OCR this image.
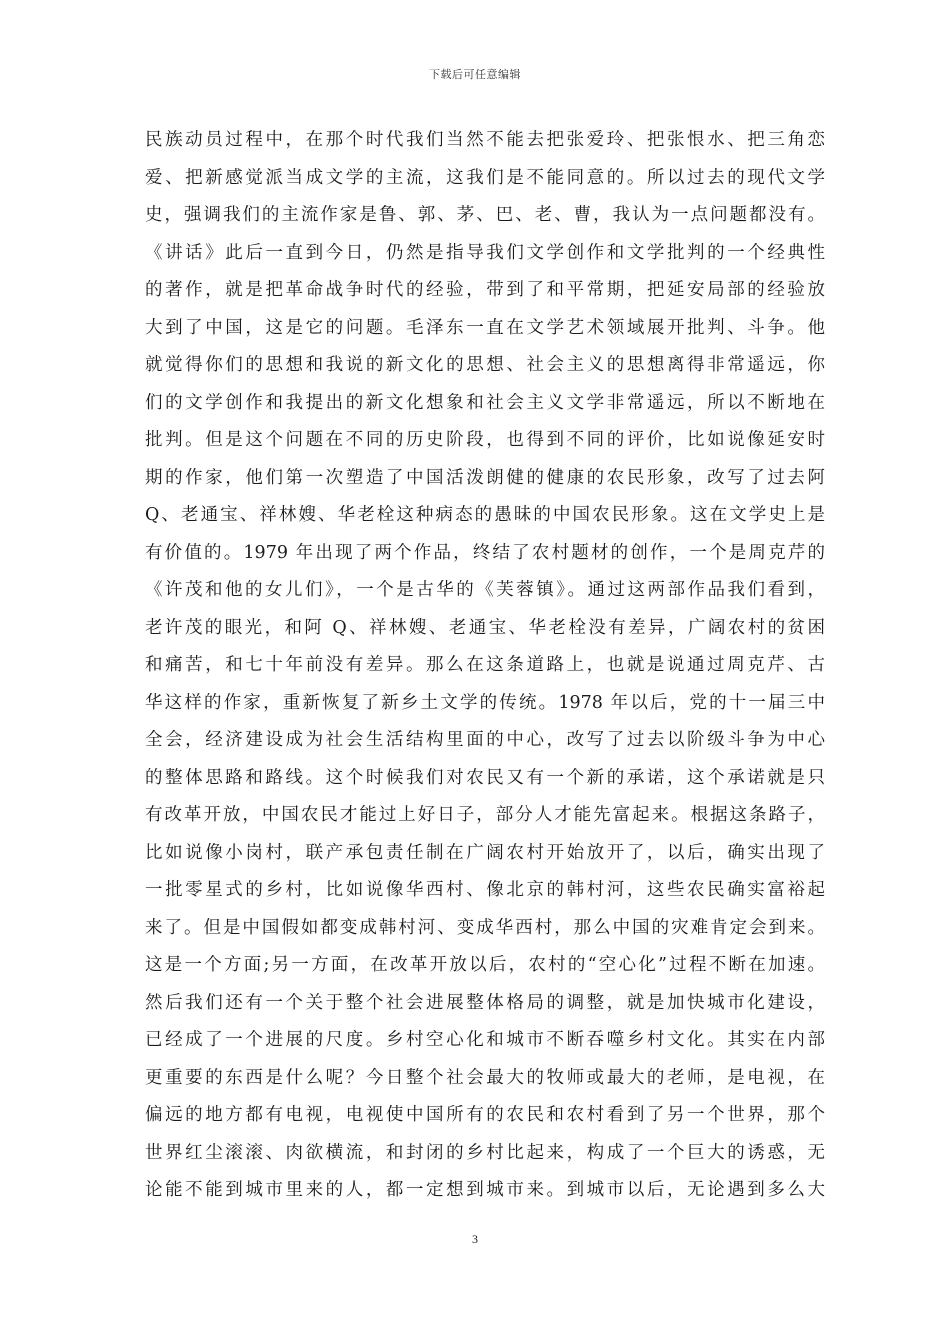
下载后可任意编辑
民族动员过程中，在那个时代我们当然不能去把张爱玲、把张恨水、把三角恋
爱、把新感觉派当成文学的主流，这我们是不能同意的。所以过去的现代文学
史，强调我们的主流作家是鲁、郭、茅、巴、老、曹，我认为一点问题都没有。
《讲话》此后一直到今日，仍然是指导我们文学创作和文学批判的一个经典性
的著作，就是把革命战争时代的经验，带到了和平常期，把延安局部的经验放
大到了中国，这是它的问题。毛泽东一直在文学艺术领域展开批判、斗争。他
就觉得你们的思想和我说的新文化的思想、社会主义的思想离得非常遥远，你
们的文学创作和我提出的新文化想象和社会主义文学非常遥远，所以不断地在
批判。但是这个问题在不同的历史阶段，也得到不同的评价，比如说像延安时
期的作家，他们第一次塑造了中国活泼朗健的健康的农民形象，改写了过去阿
Q、老通宝、祥林嫂、华老栓这种病态的愚昧的中国农民形象。这在文学史上是
有价值的。1979 年出现了两个作品，终结了农村题材的创作，一个是周克芹的
《许茂和他的女儿们》，一个是古华的《芙蓉镇》。通过这两部作品我们看到，
老许茂的眼光，和阿 Q、祥林嫂、老通宝、华老栓没有差异，广阔农村的贫困
和痛苦，和七十年前没有差异。那么在这条道路上，也就是说通过周克芹、古
华这样的作家，重新恢复了新乡土文学的传统。1978 年以后，党的十一届三中
全会，经济建设成为社会生活结构里面的中心，改写了过去以阶级斗争为中心
的整体思路和路线。这个时候我们对农民又有一个新的承诺，这个承诺就是只
有改革开放，中国农民才能过上好日子，部分人才能先富起来。根据这条路子，
比如说像小岗村，联产承包责任制在广阔农村开始放开了，以后，确实出现了
一批零星式的乡村，比如说像华西村、像北京的韩村河，这些农民确实富裕起
来了。但是中国假如都变成韩村河、变成华西村，那么中国的灾难肯定会到来。
这是一个方面;另一方面，在改革开放以后，农村的“空心化”过程不断在加速。
然后我们还有一个关于整个社会进展整体格局的调整，就是加快城市化建设，
已经成了一个进展的尺度。乡村空心化和城市不断吞噬乡村文化。其实在内部
更重要的东西是什么呢？今日整个社会最大的牧师或最大的老师，是电视，在
偏远的地方都有电视，电视使中国所有的农民和农村看到了另一个世界，那个
世界红尘滚滚、肉欲横流，和封闭的乡村比起来，构成了一个巨大的诱惑，无
论能不能到城市里来的人，都一定想到城市来。到城市以后，无论遇到多么大
3
